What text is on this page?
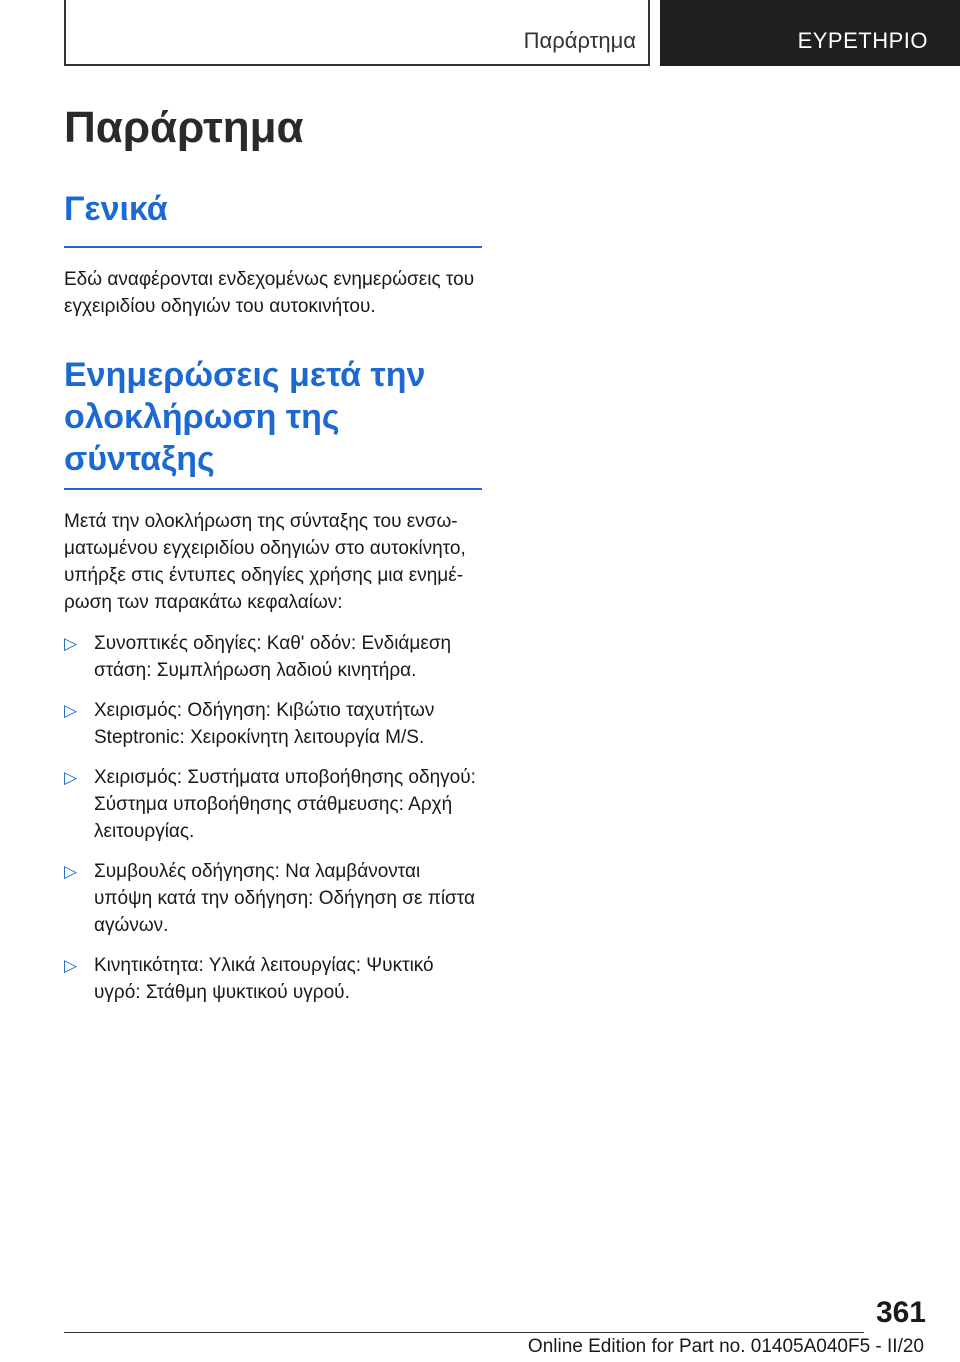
Παράρτημα	ΕΥΡΕΤΗΡΙΟ
Παράρτημα
Γενικά

Εδώ αναφέρονται ενδεχομένως ενημερώσεις του εγχειριδίου οδηγιών του αυτοκινήτου.

Ενημερώσεις μετά την
ολοκλήρωση της σύνταξης

Μετά την ολοκλήρωση της σύνταξης του ενσωματωμένου εγχειριδίου οδηγιών στο αυτοκίνητο, υπήρξε στις έντυπες οδηγίες χρήσης μια ενημέρωση των παρακάτω κεφαλαίων:

▷ Συνοπτικές οδηγίες: Καθ' οδόν: Ενδιάμεση στάση: Συμπλήρωση λαδιού κινητήρα.
▷ Χειρισμός: Οδήγηση: Κιβώτιο ταχυτήτων Steptronic: Χειροκίνητη λειτουργία M/S.
▷ Χειρισμός: Συστήματα υποβοήθησης οδηγού: Σύστημα υποβοήθησης στάθμευσης: Αρχή λειτουργίας.
▷ Συμβουλές οδήγησης: Να λαμβάνονται υπόψη κατά την οδήγηση: Οδήγηση σε πίστα αγώνων.
▷ Κινητικότητα: Υλικά λειτουργίας: Ψυκτικό υγρό: Στάθμη ψυκτικού υγρού.
361
Online Edition for Part no. 01405A040F5 - II/20
